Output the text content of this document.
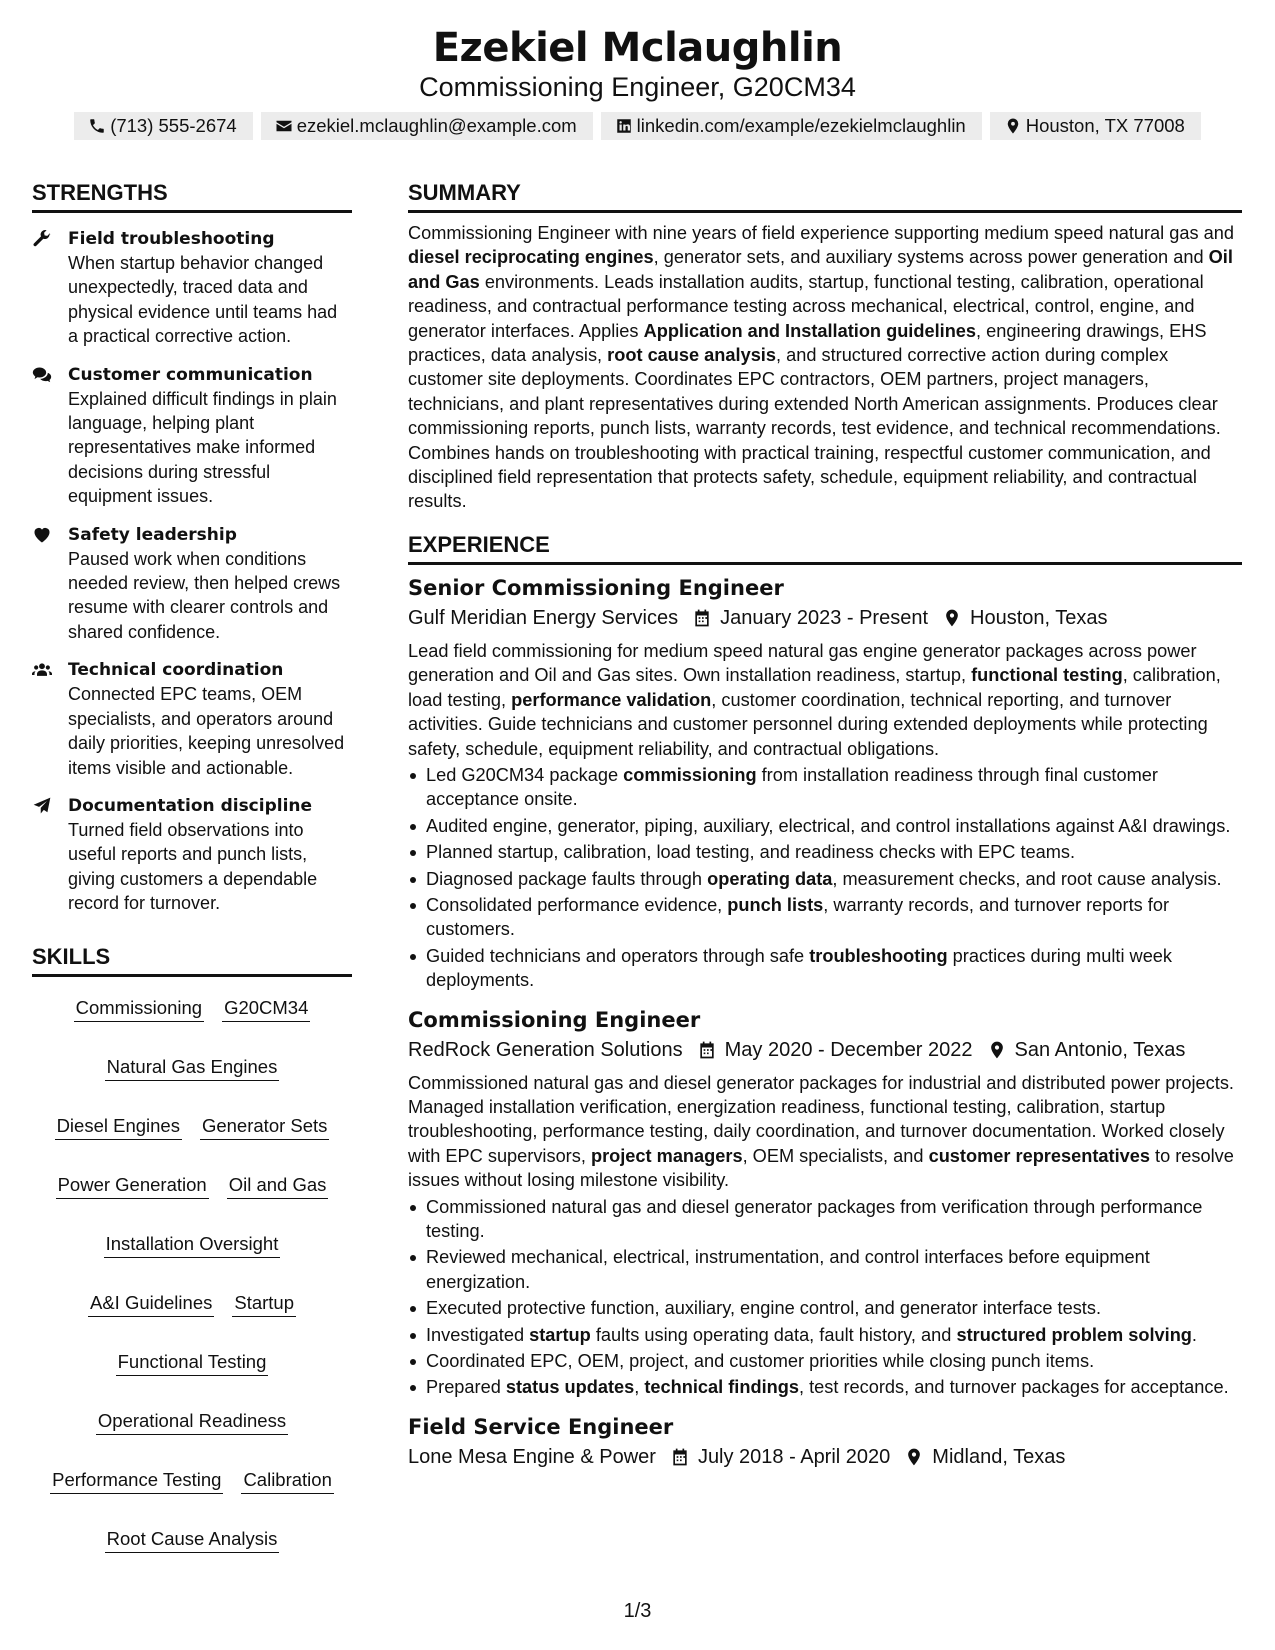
Ezekiel Mclaughlin
Commissioning Engineer, G20CM34
(713) 555-2674	ezekiel.mclaughlin@example.com	linkedin.com/example/ezekielmclaughlin	Houston, TX 77008
STRENGTHS
Field troubleshooting
When startup behavior changed unexpectedly, traced data and physical evidence until teams had a practical corrective action.
Customer communication
Explained difficult findings in plain language, helping plant representatives make informed decisions during stressful equipment issues.
Safety leadership
Paused work when conditions needed review, then helped crews resume with clearer controls and shared confidence.
Technical coordination
Connected EPC teams, OEM specialists, and operators around daily priorities, keeping unresolved items visible and actionable.
Documentation discipline
Turned field observations into useful reports and punch lists, giving customers a dependable record for turnover.
SKILLS
Commissioning G20CM34
Natural Gas Engines
Diesel Engines Generator Sets
Power Generation Oil and Gas
Installation Oversight
A&I Guidelines Startup
Functional Testing
Operational Readiness
Performance Testing Calibration
Root Cause Analysis
SUMMARY
Commissioning Engineer with nine years of field experience supporting medium speed natural gas and diesel reciprocating engines, generator sets, and auxiliary systems across power generation and Oil and Gas environments. Leads installation audits, startup, functional testing, calibration, operational readiness, and contractual performance testing across mechanical, electrical, control, engine, and generator interfaces. Applies Application and Installation guidelines, engineering drawings, EHS practices, data analysis, root cause analysis, and structured corrective action during complex customer site deployments. Coordinates EPC contractors, OEM partners, project managers, technicians, and plant representatives during extended North American assignments. Produces clear commissioning reports, punch lists, warranty records, test evidence, and technical recommendations. Combines hands on troubleshooting with practical training, respectful customer communication, and disciplined field representation that protects safety, schedule, equipment reliability, and contractual results.
EXPERIENCE
Senior Commissioning Engineer
Gulf Meridian Energy Services January 2023 - Present Houston, Texas
Lead field commissioning for medium speed natural gas engine generator packages across power generation and Oil and Gas sites. Own installation readiness, startup, functional testing, calibration, load testing, performance validation, customer coordination, technical reporting, and turnover activities. Guide technicians and customer personnel during extended deployments while protecting safety, schedule, equipment reliability, and contractual obligations.
Led G20CM34 package commissioning from installation readiness through final customer acceptance onsite.
Audited engine, generator, piping, auxiliary, electrical, and control installations against A&I drawings.
Planned startup, calibration, load testing, and readiness checks with EPC teams.
Diagnosed package faults through operating data, measurement checks, and root cause analysis.
Consolidated performance evidence, punch lists, warranty records, and turnover reports for customers.
Guided technicians and operators through safe troubleshooting practices during multi week deployments.
Commissioning Engineer
RedRock Generation Solutions May 2020 - December 2022 San Antonio, Texas
Commissioned natural gas and diesel generator packages for industrial and distributed power projects. Managed installation verification, energization readiness, functional testing, calibration, startup troubleshooting, performance testing, daily coordination, and turnover documentation. Worked closely with EPC supervisors, project managers, OEM specialists, and customer representatives to resolve issues without losing milestone visibility.
Commissioned natural gas and diesel generator packages from verification through performance testing.
Reviewed mechanical, electrical, instrumentation, and control interfaces before equipment energization.
Executed protective function, auxiliary, engine control, and generator interface tests.
Investigated startup faults using operating data, fault history, and structured problem solving.
Coordinated EPC, OEM, project, and customer priorities while closing punch items.
Prepared status updates, technical findings, test records, and turnover packages for acceptance.
Field Service Engineer
Lone Mesa Engine & Power July 2018 - April 2020 Midland, Texas
1/3
